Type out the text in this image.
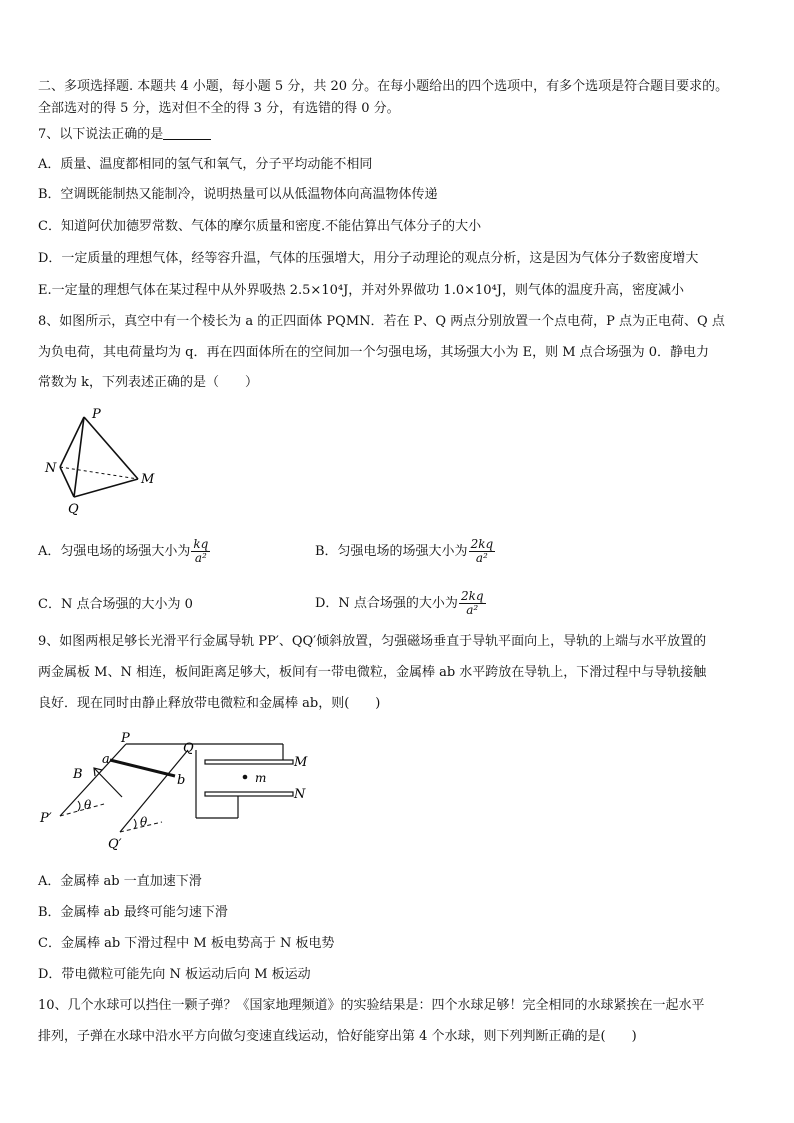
二、多项选择题. 本题共 4 小题，每小题 5 分，共 20 分。在每小题给出的四个选项中，有多个选项是符合题目要求的。
全部选对的得 5 分，选对但不全的得 3 分，有选错的得 0 分。
7、以下说法正确的是
A．质量、温度都相同的氢气和氧气，分子平均动能不相同
B．空调既能制热又能制冷，说明热量可以从低温物体向高温物体传递
C．知道阿伏加德罗常数、气体的摩尔质量和密度.不能估算出气体分子的大小
D．一定质量的理想气体，经等容升温，气体的压强增大，用分子动理论的观点分析，这是因为气体分子数密度增大
E.一定量的理想气体在某过程中从外界吸热 2.5×10⁴J，并对外界做功 1.0×10⁴J，则气体的温度升高，密度减小
8、如图所示，真空中有一个棱长为 a 的正四面体 PQMN．若在 P、Q 两点分别放置一个点电荷，P 点为正电荷、Q 点
为负电荷，其电荷量均为 q．再在四面体所在的空间加一个匀强电场，其场强大小为 E，则 M 点合场强为 0．静电力
常数为 k，下列表述正确的是（　　）
P
N
M
Q
A．匀强电场的场强大小为 $\frac{kq}{\text{a²}}$	B．匀强电场的场强大小为 $\frac{2kq}{\text{a²}}$
C．N 点合场强的大小为 0	D．N 点合场强的大小为 $\frac{2kq}{\text{a²}}$
9、如图两根足够长光滑平行金属导轨 PP′、QQ′倾斜放置，匀强磁场垂直于导轨平面向上，导轨的上端与水平放置的
两金属板 M、N 相连，板间距离足够大，板间有一带电微粒，金属棒 ab 水平跨放在导轨上，下滑过程中与导轨接触
良好．现在同时由静止释放带电微粒和金属棒 ab，则(　　)
P
Q
a
b
B
M
N
m
P′
Q′
θ
θ
A．金属棒 ab 一直加速下滑
B．金属棒 ab 最终可能匀速下滑
C．金属棒 ab 下滑过程中 M 板电势高于 N 板电势
D．带电微粒可能先向 N 板运动后向 M 板运动
10、几个水球可以挡住一颗子弹？《国家地理频道》的实验结果是：四个水球足够！完全相同的水球紧挨在一起水平
排列，子弹在水球中沿水平方向做匀变速直线运动，恰好能穿出第 4 个水球，则下列判断正确的是(　　)
